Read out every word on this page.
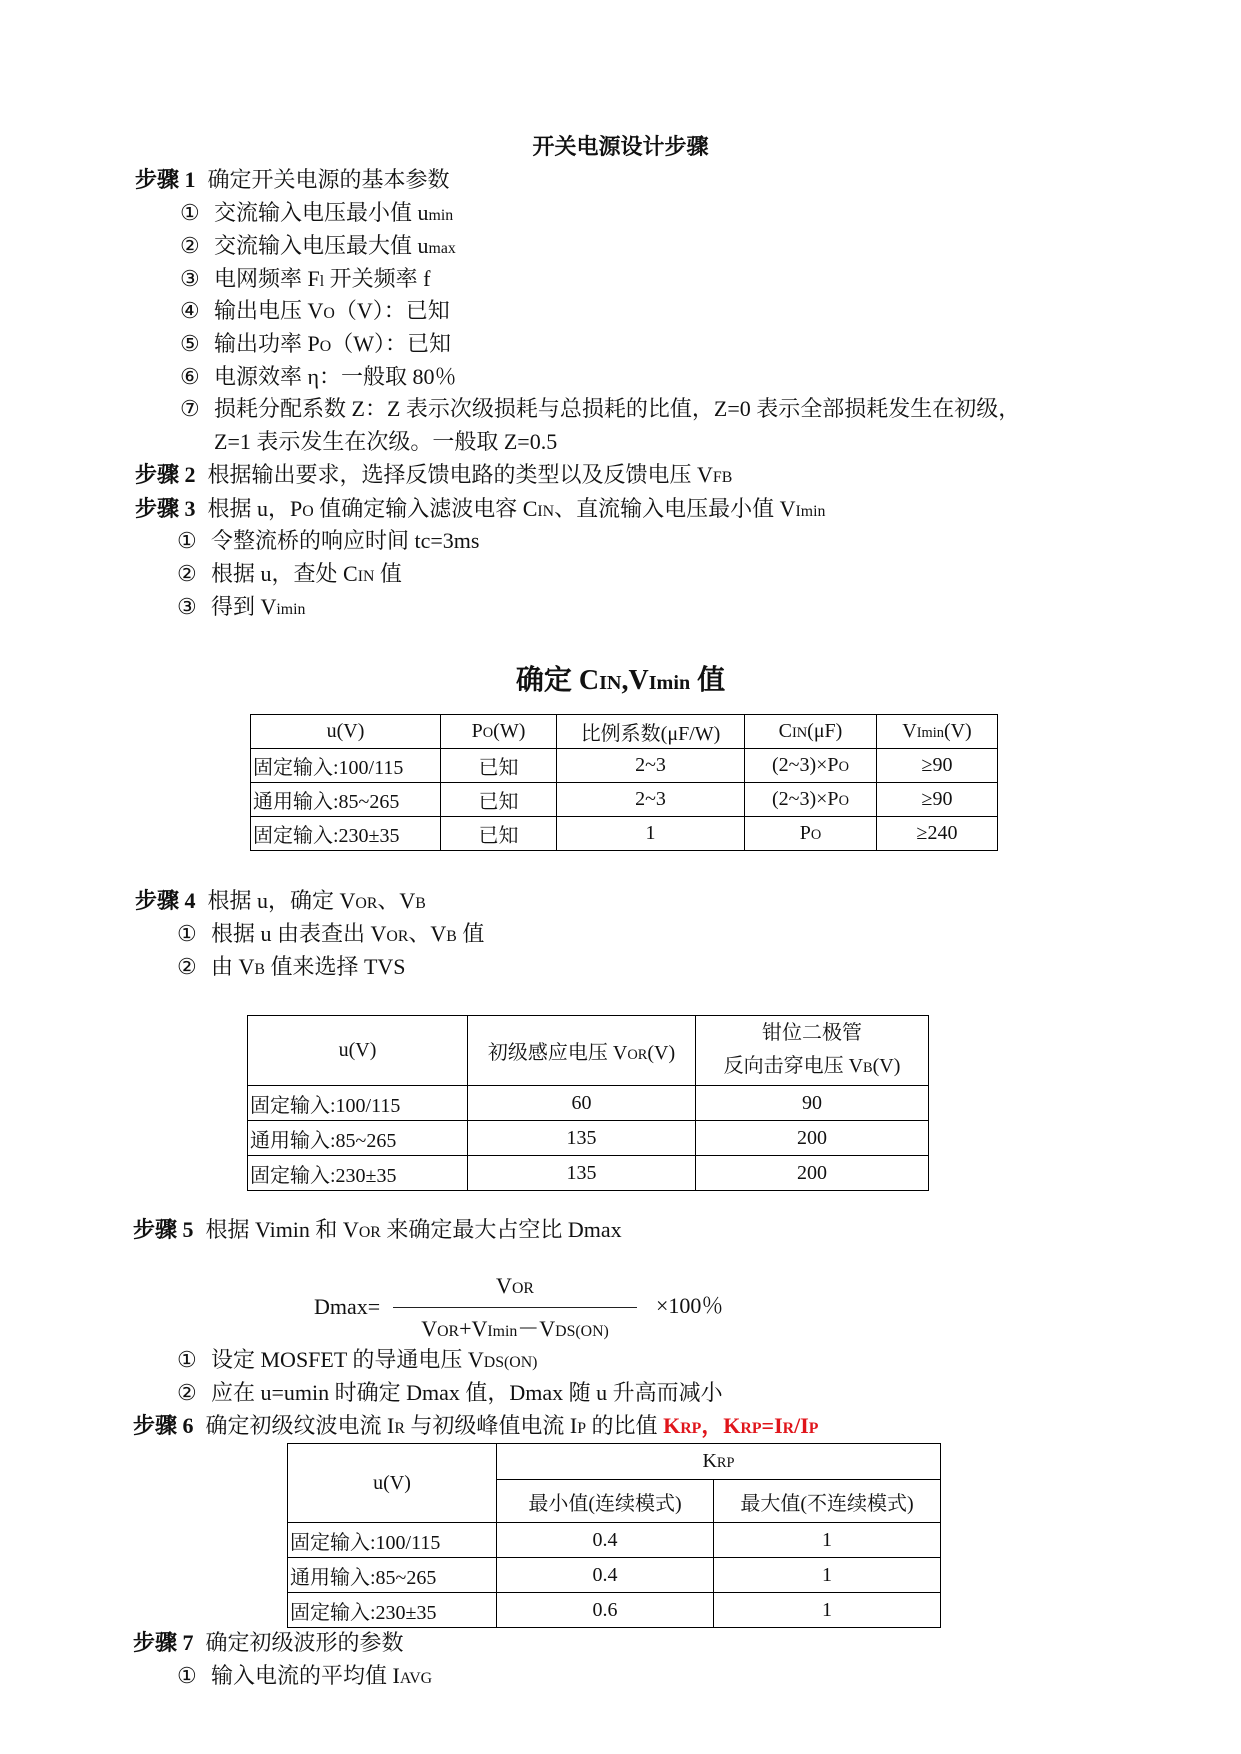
开关电源设计步骤
步骤 1 确定开关电源的基本参数
① 交流输入电压最小值 umin
② 交流输入电压最大值 umax
③ 电网频率 Fl 开关频率 f
④ 输出电压 VO（V）：已知
⑤ 输出功率 PO（W）：已知
⑥ 电源效率 η：一般取 80％
⑦ 损耗分配系数 Z：Z 表示次级损耗与总损耗的比值，Z=0 表示全部损耗发生在初级，
Z=1 表示发生在次级。一般取 Z=0.5
步骤 2 根据输出要求，选择反馈电路的类型以及反馈电压 VFB
步骤 3 根据 u，PO 值确定输入滤波电容 CIN、直流输入电压最小值 VImin
① 令整流桥的响应时间 tc=3ms
② 根据 u，查处 CIN 值
③ 得到 Vimin
确定 CIN,VImin 值
u(V)	PO(W)	比例系数(μF/W)	CIN(μF)	VImin(V)
固定输入:100/115	已知	2~3	(2~3)×PO	≥90
通用输入:85~265	已知	2~3	(2~3)×PO	≥90
固定输入:230±35	已知	1	PO	≥240
步骤 4 根据 u，确定 VOR、VB
① 根据 u 由表查出 VOR、VB 值
② 由 VB 值来选择 TVS
u(V)	初级感应电压 VOR(V)	钳位二极管
反向击穿电压 VB(V)

固定输入:100/115	60	90
通用输入:85~265	135	200
固定输入:230±35	135	200
步骤 5 根据 Vimin 和 VOR 来确定最大占空比 Dmax
Dmax=
VOR
VOR+VImin－VDS(ON)
×100％
① 设定 MOSFET 的导通电压 VDS(ON)
② 应在 u=umin 时确定 Dmax 值，Dmax 随 u 升高而减小
步骤 6 确定初级纹波电流 IR 与初级峰值电流 IP 的比值 KRP，KRP=IR/IP
u(V)	KRP	
	最小值(连续模式)	最大值(不连续模式)
固定输入:100/115	0.4	1
通用输入:85~265	0.4	1
固定输入:230±35	0.6	1
步骤 7 确定初级波形的参数
① 输入电流的平均值 IAVG
